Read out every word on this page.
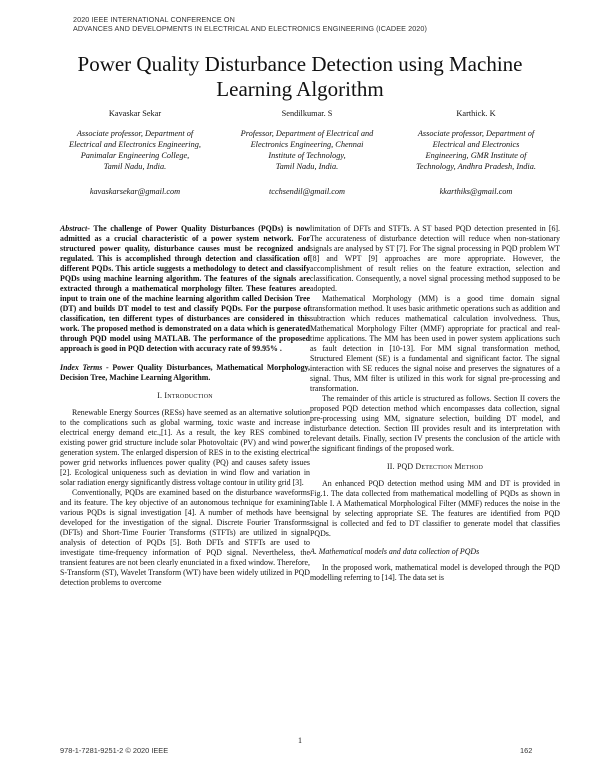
2020 IEEE INTERNATIONAL CONFERENCE ON
ADVANCES AND DEVELOPMENTS IN ELECTRICAL AND ELECTRONICS ENGINEERING (ICADEE 2020)
Power Quality Disturbance Detection using Machine
Learning Algorithm
Kavaskar Sekar
Associate professor, Department of
Electrical and Electronics Engineering,
Panimalar Engineering College,
Tamil Nadu, India.
kavaskarsekar@gmail.com
Sendilkumar. S
Professor, Department of Electrical and
Electronics Engineering, Chennai
Institute of Technology,
Tamil Nadu, India.
tcchsendil@gmail.com
Karthick. K
Associate professor, Department of
Electrical and Electronics
Engineering, GMR Institute of
Technology, Andhra Pradesh, India.
kkarthiks@gmail.com

Abstract- The challenge of Power Quality Disturbances (PQDs) is now admitted as a crucial characteristic of a power system network. For structured power quality, disturbance causes must be recognized and regulated. This is accomplished through detection and classification of different PQDs. This article suggests a methodology to detect and classify PQDs using machine learning algorithm. The features of the signals are extracted through a mathematical morphology filter. These features are input to train one of the machine learning algorithm called Decision Tree (DT) and builds DT model to test and classify PQDs. For the purpose of classification, ten different types of disturbances are considered in this work. The proposed method is demonstrated on a data which is generated through PQD model using MATLAB. The performance of the proposed approach is good in PQD detection with accuracy rate of 99.95% .

Index Terms - Power Quality Disturbances, Mathematical Morphology, Decision Tree, Machine Learning Algorithm.

I. Introduction

Renewable Energy Sources (RESs) have seemed as an alternative solution to the complications such as global warming, toxic waste and increase in electrical energy demand etc.,[1]. As a result, the key RES combined to existing power grid structure include solar Photovoltaic (PV) and wind power generation system. The enlarged dispersion of RES in to the existing electrical power grid networks influences power quality (PQ) and causes safety issues [2]. Ecological uniqueness such as deviation in wind flow and variation in solar radiation energy significantly distress voltage contour in utility grid [3].

Conventionally, PQDs are examined based on the disturbance waveforms and its feature. The key objective of an autonomous technique for examining various PQDs is signal investigation [4]. A number of methods have been developed for the investigation of the signal. Discrete Fourier Transforms (DFTs) and Short-Time Fourier Transforms (STFTs) are utilized in signal analysis of detection of PQDs [5]. Both DFTs and STFTs are used to investigate time-frequency information of PQD signal. Nevertheless, the transient features are not been clearly enunciated in a fixed window. Therefore, S-Transform (ST), Wavelet Transform (WT) have been widely utilized in PQD detection problems to overcome

limitation of DFTs and STFTs. A ST based PQD detection presented in [6]. The accurateness of disturbance detection will reduce when non-stationary signals are analysed by ST [7]. For The signal processing in PQD problem WT [8] and WPT [9] approaches are more appropriate. However, the accomplishment of result relies on the feature extraction, selection and classification. Consequently, a novel signal processing method supposed to be adopted.

Mathematical Morphology (MM) is a good time domain signal transformation method. It uses basic arithmetic operations such as addition and subtraction which reduces mathematical calculation involvedness. Thus, Mathematical Morphology Filter (MMF) appropriate for practical and real-time applications. The MM has been used in power system applications such as fault detection in [10-13]. For MM signal transformation method, Structured Element (SE) is a fundamental and significant factor. The signal interaction with SE reduces the signal noise and preserves the signatures of a signal. Thus, MM filter is utilized in this work for signal pre-processing and transformation.

The remainder of this article is structured as follows. Section II covers the proposed PQD detection method which encompasses data collection, signal pre-processing using MM, signature selection, building DT model, and disturbance detection. Section III provides result and its interpretation with relevant details. Finally, section IV presents the conclusion of the article with the significant findings of the proposed work.

II. PQD Detection Method

An enhanced PQD detection method using MM and DT is provided in Fig.1. The data collected from mathematical modelling of PQDs as shown in Table I. A Mathematical Morphological Filter (MMF) reduces the noise in the signal by selecting appropriate SE. The features are identified from PQD signal is collected and fed to DT classifier to generate model that classifies PQDs.

A. Mathematical models and data collection of PQDs

In the proposed work, mathematical model is developed through the PQD modelling referring to [14]. The data set is

1
978-1-7281-9251-2 © 2020 IEEE	162
